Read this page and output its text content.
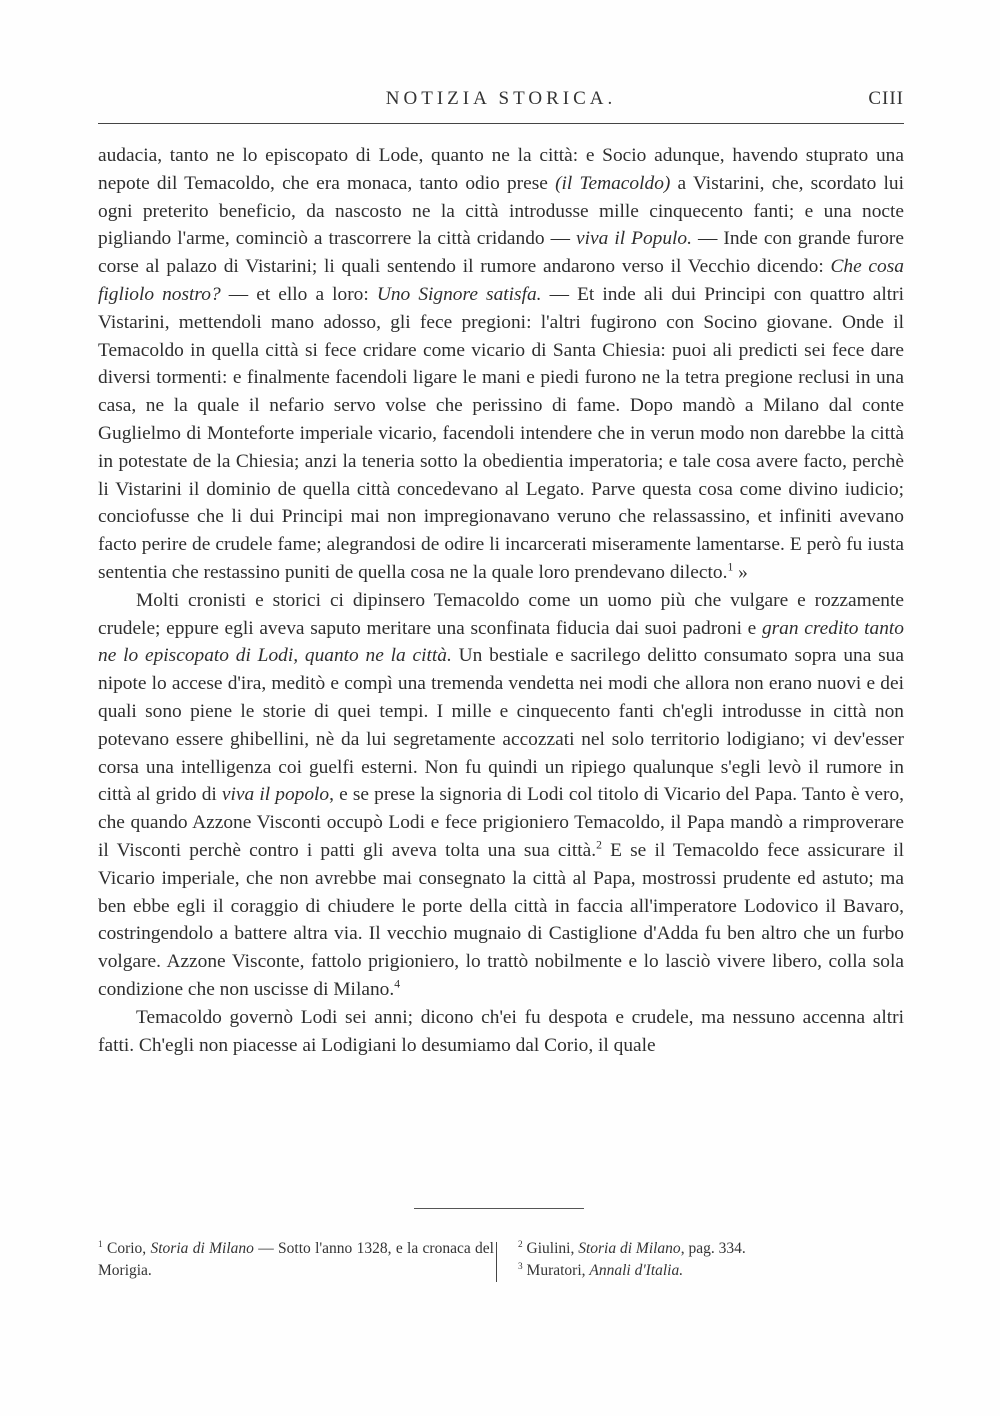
NOTIZIA STORICA.	CIII

audacia, tanto ne lo episcopato di Lode, quanto ne la città: e Socio adunque, havendo stuprato una nepote dil Temacoldo, che era monaca, tanto odio prese (il Temacoldo) a Vistarini, che, scordato lui ogni preterito beneficio, da nascosto ne la città introdusse mille cinquecento fanti; e una nocte pigliando l'arme, cominciò a trascorrere la città cridando — viva il Populo. — Inde con grande furore corse al palazo di Vistarini; li quali sentendo il rumore andarono verso il Vecchio dicendo: Che cosa figliolo nostro? — et ello a loro: Uno Signore satisfa. — Et inde ali dui Principi con quattro altri Vistarini, mettendoli mano adosso, gli fece pregioni: l'altri fugirono con Socino giovane. Onde il Temacoldo in quella città si fece cridare come vicario di Santa Chiesia: puoi ali predicti sei fece dare diversi tormenti: e finalmente facendoli ligare le mani e piedi furono ne la tetra pregione reclusi in una casa, ne la quale il nefario servo volse che perissino di fame. Dopo mandò a Milano dal conte Guglielmo di Monteforte imperiale vicario, facendoli intendere che in verun modo non darebbe la città in potestate de la Chiesia; anzi la teneria sotto la obedientia imperatoria; e tale cosa avere facto, perchè li Vistarini il dominio de quella città concedevano al Legato. Parve questa cosa come divino iudicio; conciofusse che li dui Principi mai non impregionavano veruno che relassassino, et infiniti avevano facto perire de crudele fame; alegrandosi de odire li incarcerati miseramente lamentarse. E però fu iusta sententia che restassino puniti de quella cosa ne la quale loro prendevano dilecto.$^1$ »

Molti cronisti e storici ci dipinsero Temacoldo come un uomo più che vulgare e rozzamente crudele; eppure egli aveva saputo meritare una sconfinata fiducia dai suoi padroni e gran credito tanto ne lo episcopato di Lodi, quanto ne la città. Un bestiale e sacrilego delitto consumato sopra una sua nipote lo accese d'ira, meditò e compì una tremenda vendetta nei modi che allora non erano nuovi e dei quali sono piene le storie di quei tempi. I mille e cinquecento fanti ch'egli introdusse in città non potevano essere ghibellini, nè da lui segretamente accozzati nel solo territorio lodigiano; vi dev'esser corsa una intelligenza coi guelfi esterni. Non fu quindi un ripiego qualunque s'egli levò il rumore in città al grido di viva il popolo, e se prese la signoria di Lodi col titolo di Vicario del Papa. Tanto è vero, che quando Azzone Visconti occupò Lodi e fece prigioniero Temacoldo, il Papa mandò a rimproverare il Visconti perchè contro i patti gli aveva tolta una sua città.$^2$ E se il Temacoldo fece assicurare il Vicario imperiale, che non avrebbe mai consegnato la città al Papa, mostrossi prudente ed astuto; ma ben ebbe egli il coraggio di chiudere le porte della città in faccia all'imperatore Lodovico il Bavaro, costringendolo a battere altra via. Il vecchio mugnaio di Castiglione d'Adda fu ben altro che un furbo volgare. Azzone Visconte, fattolo prigioniero, lo trattò nobilmente e lo lasciò vivere libero, colla sola condizione che non uscisse di Milano.$^4$

Temacoldo governò Lodi sei anni; dicono ch'ei fu despota e crudele, ma nessuno accenna altri fatti. Ch'egli non piacesse ai Lodigiani lo desumiamo dal Corio, il quale

$^1$ Corio, Storia di Milano — Sotto l'anno 1328, e la cronaca del Morigia.
$^2$ Giulini, Storia di Milano, pag. 334.
$^3$ Muratori, Annali d'Italia.
